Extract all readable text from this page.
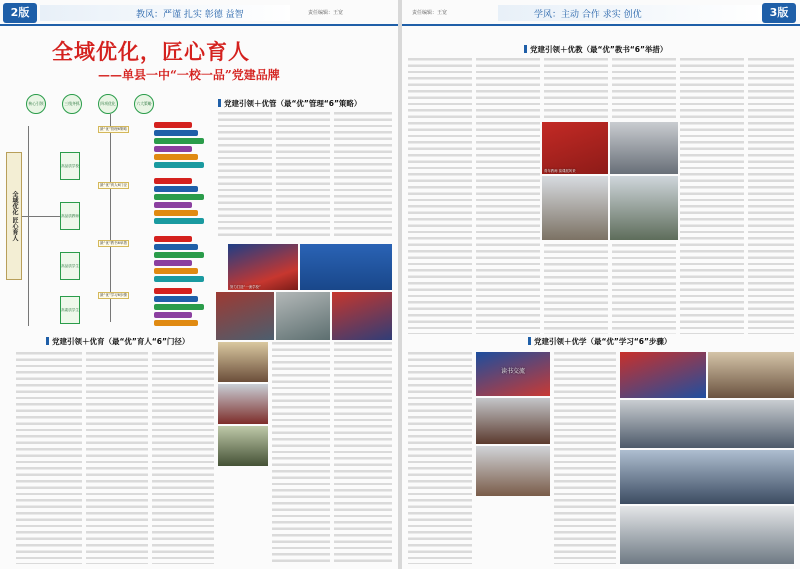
2版	教风：严谨 扎实 彰德 益智	责任编辑：王宽
全域优化，匠心育人
——单县一中“一校一品”党建品牌
核心引领	三线齐抓	四项优化	六大策略
全域优化 匠心育人
高品质学校
高品质教师
高品质学生
高素质学生
最“优”管理6策略
最“优”育人6门径
最“优”教书6举措
最“优”学习6步骤
党建引领＋优管（最“优”管理“6”策略）
努力打造“一流学校”
党建引领＋优育（最“优”育人“6”门径）
责任编辑：王宽	学风：主动 合作 求实 创优	3版
党建引领＋优教（最“优”教书“6”举措）
青年教师 赛课展风采
党建引领＋优学（最“优”学习“6”步骤）
读书交流
